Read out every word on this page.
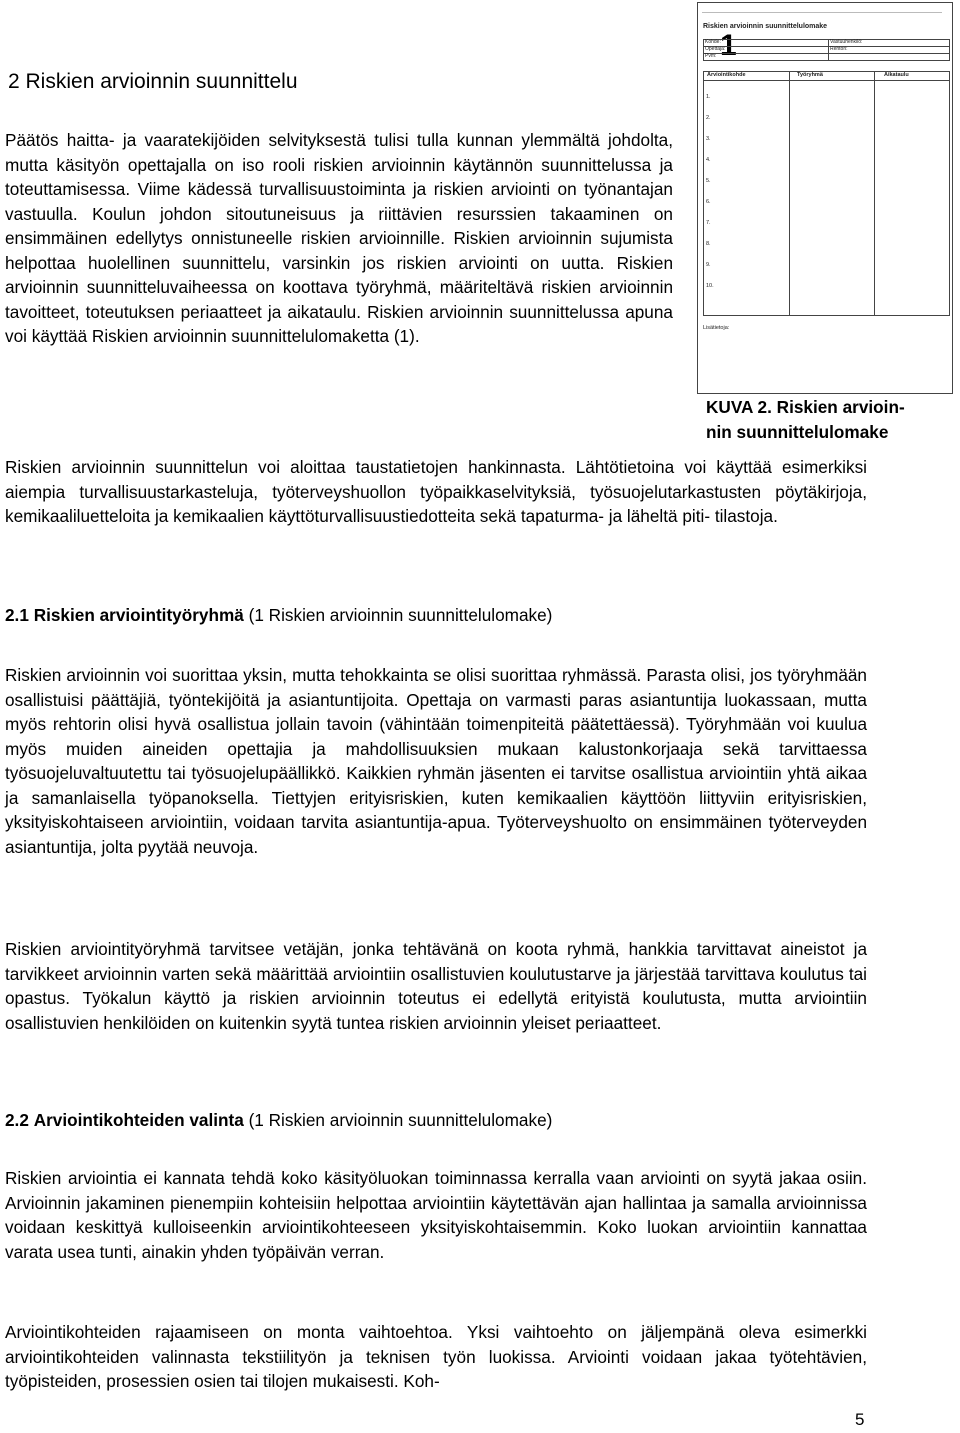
2 Riskien arvioinnin suunnittelu

Päätös haitta- ja vaaratekijöiden selvityksestä tulisi tulla kunnan ylemmältä johdolta, mutta käsityön opettajalla on iso rooli riskien arvioinnin käytännön suunnittelussa ja toteuttamisessa. Viime kädessä turvallisuustoiminta ja riskien arviointi on työnantajan vastuulla. Koulun johdon sitoutuneisuus ja riittävien resurssien takaaminen on ensimmäinen edellytys onnistuneelle riskien arvioinnille. Riskien arvioinnin sujumista helpottaa huolellinen suunnittelu, varsinkin jos riskien arviointi on uutta. Riskien arvioinnin suunnitteluvaiheessa on koottava työryhmä, määriteltävä riskien arvioinnin tavoitteet, toteutuksen periaatteet ja aikataulu. Riskien arvioinnin suunnittelussa apuna voi käyttää Riskien arvioinnin suunnittelulomaketta (1).

Riskien arvioinnin suunnittelulomake
1
Kohde:	Vastuuhenkilö:
Opettaja:	Rehtori:
Pvm:
Arviointikohde	Työryhmä	Aikataulu
1.
2.
3.
4.
5.
6.
7.
8.
9.
10.
Lisätietoja:
KUVA 2. Riskien arvioin-
nin suunnittelulomake

Riskien arvioinnin suunnittelun voi aloittaa taustatietojen hankinnasta. Lähtötietoina voi käyttää esimerkiksi aiempia turvallisuustarkasteluja, työterveyshuollon työpaikkaselvityksiä, työsuojelutarkastusten pöytäkirjoja, kemikaaliluetteloita ja kemikaalien käyttöturvallisuustiedotteita sekä tapaturma- ja läheltä piti- tilastoja.

2.1 Riskien arviointityöryhmä (1 Riskien arvioinnin suunnittelulomake)

Riskien arvioinnin voi suorittaa yksin, mutta tehokkainta se olisi suorittaa ryhmässä. Parasta olisi, jos työryhmään osallistuisi päättäjiä, työntekijöitä ja asiantuntijoita. Opettaja on varmasti paras asiantuntija luokassaan, mutta myös rehtorin olisi hyvä osallistua jollain tavoin (vähintään toimenpiteitä päätettäessä). Työryhmään voi kuulua myös muiden aineiden opettajia ja mahdollisuuksien mukaan kalustonkorjaaja sekä tarvittaessa työsuojeluvaltuutettu tai työsuojelupäällikkö. Kaikkien ryhmän jäsenten ei tarvitse osallistua arviointiin yhtä aikaa ja samanlaisella työpanoksella. Tiettyjen erityisriskien, kuten kemikaalien käyttöön liittyviin erityisriskien, yksityiskohtaiseen arviointiin, voidaan tarvita asiantuntija-apua. Työterveyshuolto on ensimmäinen työterveyden asiantuntija, jolta pyytää neuvoja.

Riskien arviointityöryhmä tarvitsee vetäjän, jonka tehtävänä on koota ryhmä, hankkia tarvittavat aineistot ja tarvikkeet arvioinnin varten sekä määrittää arviointiin osallistuvien koulutustarve ja järjestää tarvittava koulutus tai opastus. Työkalun käyttö ja riskien arvioinnin toteutus ei edellytä erityistä koulutusta, mutta arviointiin osallistuvien henkilöiden on kuitenkin syytä tuntea riskien arvioinnin yleiset periaatteet.

2.2 Arviointikohteiden valinta (1 Riskien arvioinnin suunnittelulomake)

Riskien arviointia ei kannata tehdä koko käsityöluokan toiminnassa kerralla vaan arviointi on syytä jakaa osiin. Arvioinnin jakaminen pienempiin kohteisiin helpottaa arviointiin käytettävän ajan hallintaa ja samalla arvioinnissa voidaan keskittyä kulloiseenkin arviointikohteeseen yksityiskohtaisemmin. Koko luokan arviointiin kannattaa varata usea tunti, ainakin yhden työpäivän verran.

Arviointikohteiden rajaamiseen on monta vaihtoehtoa. Yksi vaihtoehto on jäljempänä oleva esimerkki arviointikohteiden valinnasta tekstiilityön ja teknisen työn luokissa. Arviointi voidaan jakaa työtehtävien, työpisteiden, prosessien osien tai tilojen mukaisesti. Koh-

5
